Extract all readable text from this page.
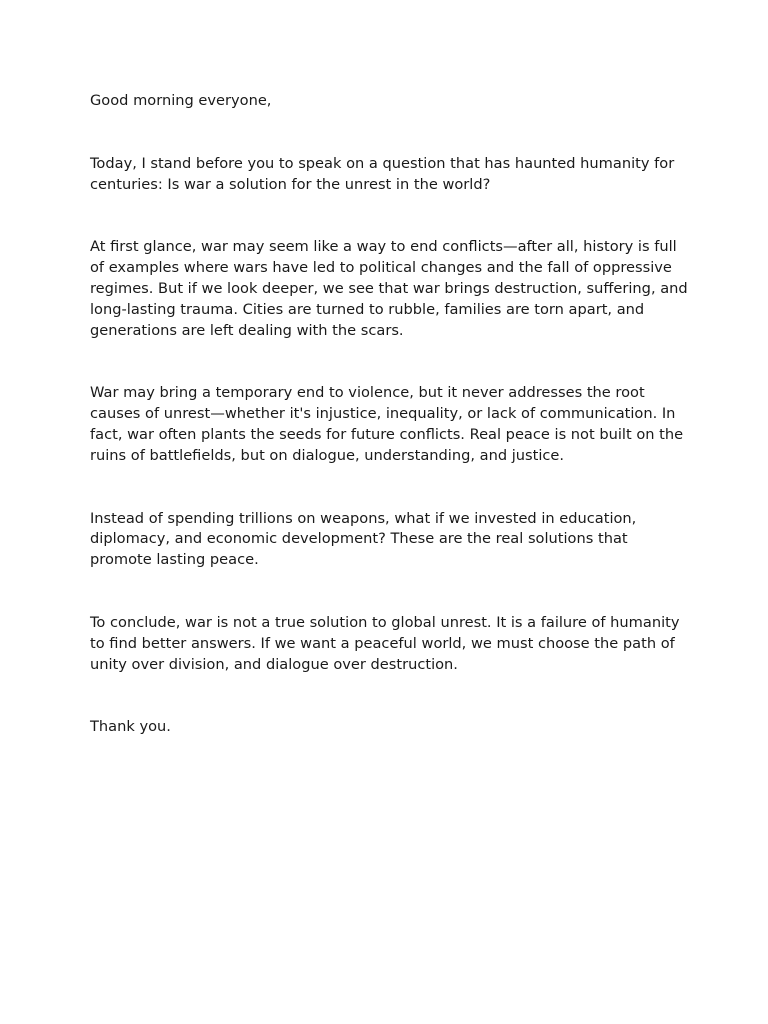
Good morning everyone,

Today, I stand before you to speak on a question that has haunted humanity for centuries: Is war a solution for the unrest in the world?

At first glance, war may seem like a way to end conflicts—after all, history is full of examples where wars have led to political changes and the fall of oppressive regimes. But if we look deeper, we see that war brings destruction, suffering, and long-lasting trauma. Cities are turned to rubble, families are torn apart, and generations are left dealing with the scars.

War may bring a temporary end to violence, but it never addresses the root causes of unrest—whether it's injustice, inequality, or lack of communication. In fact, war often plants the seeds for future conflicts. Real peace is not built on the ruins of battlefields, but on dialogue, understanding, and justice.

Instead of spending trillions on weapons, what if we invested in education, diplomacy, and economic development? These are the real solutions that promote lasting peace.

To conclude, war is not a true solution to global unrest. It is a failure of humanity to find better answers. If we want a peaceful world, we must choose the path of unity over division, and dialogue over destruction.

Thank you.
